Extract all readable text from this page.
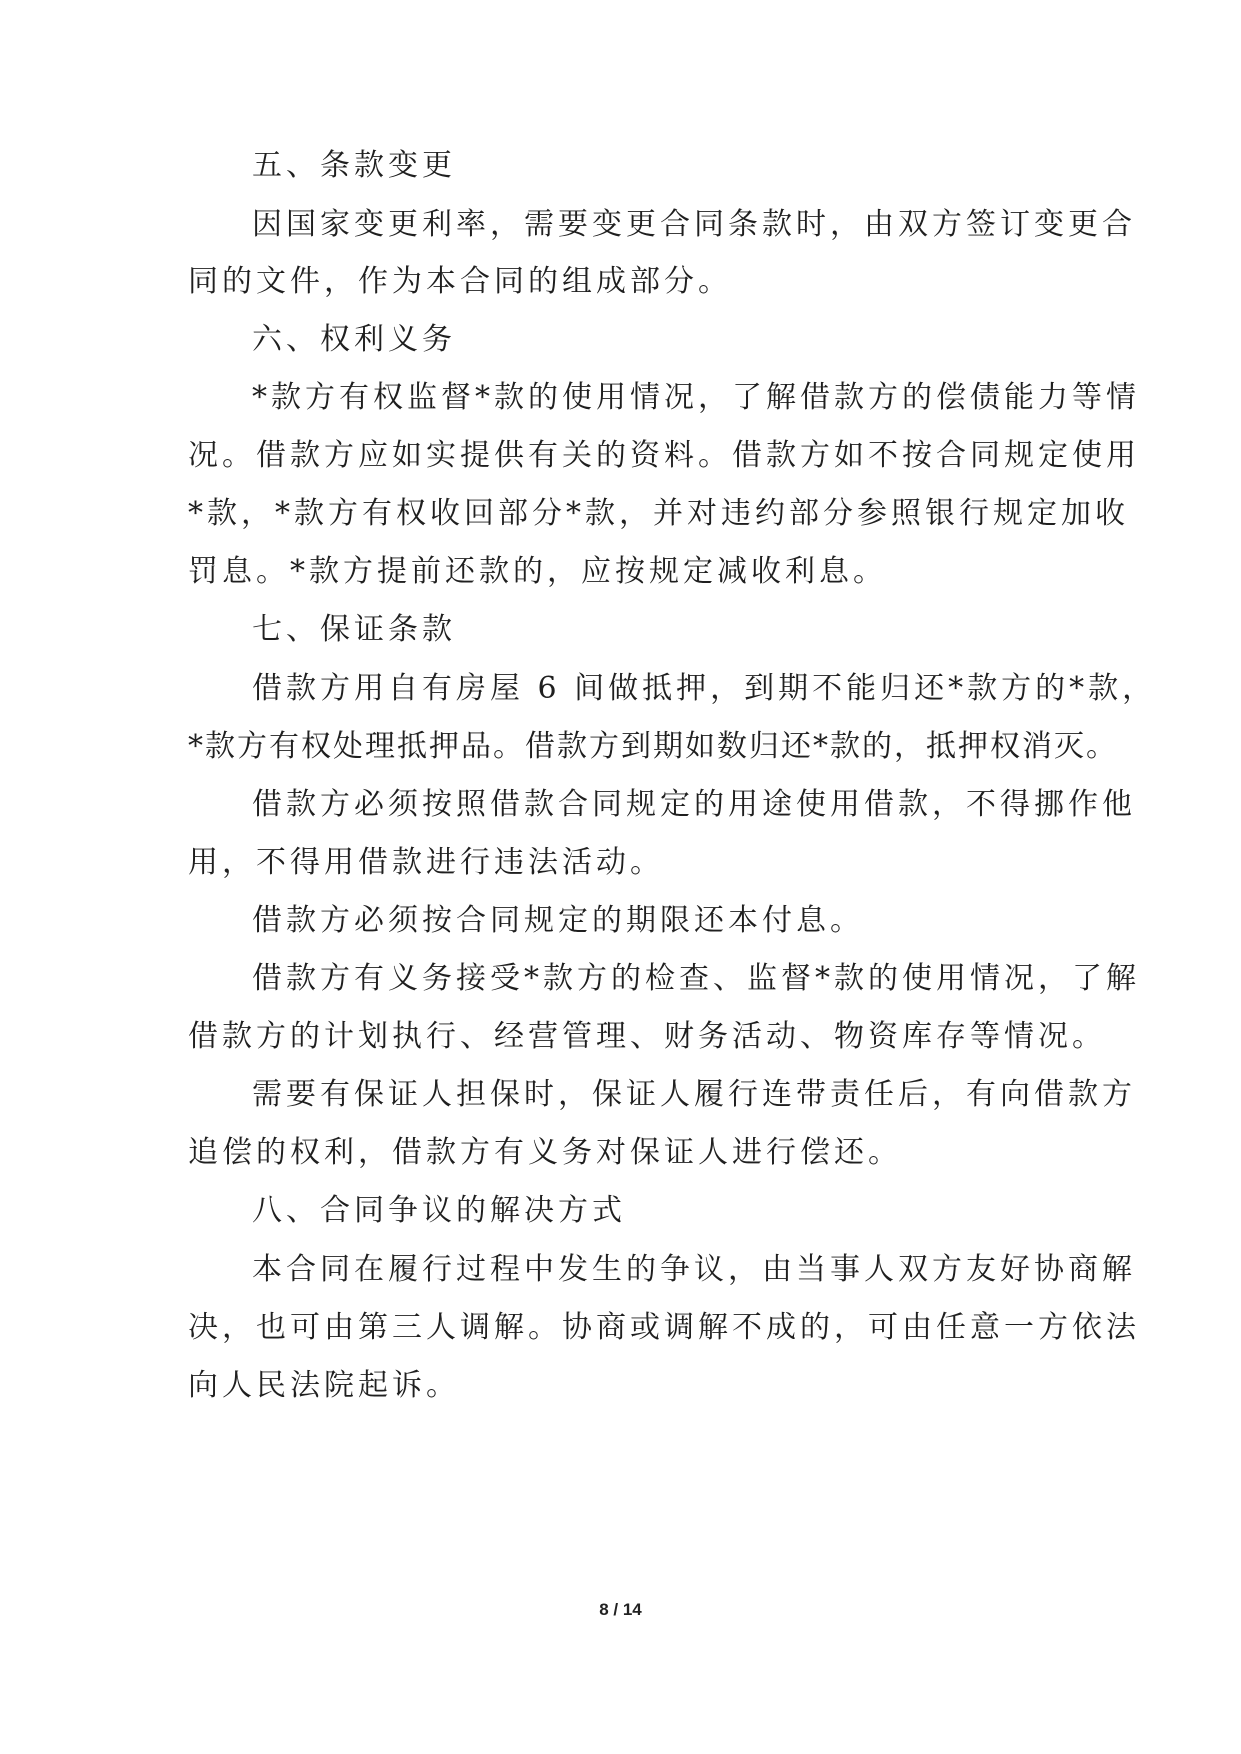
五、条款变更
因国家变更利率，需要变更合同条款时，由双方签订变更合
同的文件，作为本合同的组成部分。
六、权利义务
*款方有权监督*款的使用情况，了解借款方的偿债能力等情
况。借款方应如实提供有关的资料。借款方如不按合同规定使用
*款，*款方有权收回部分*款，并对违约部分参照银行规定加收
罚息。*款方提前还款的，应按规定减收利息。
七、保证条款
借款方用自有房屋 6 间做抵押，到期不能归还*款方的*款，
*款方有权处理抵押品。借款方到期如数归还*款的，抵押权消灭。
借款方必须按照借款合同规定的用途使用借款，不得挪作他
用，不得用借款进行违法活动。
借款方必须按合同规定的期限还本付息。
借款方有义务接受*款方的检查、监督*款的使用情况，了解
借款方的计划执行、经营管理、财务活动、物资库存等情况。
需要有保证人担保时，保证人履行连带责任后，有向借款方
追偿的权利，借款方有义务对保证人进行偿还。
八、合同争议的解决方式
本合同在履行过程中发生的争议，由当事人双方友好协商解
决，也可由第三人调解。协商或调解不成的，可由任意一方依法
向人民法院起诉。
8 / 14
